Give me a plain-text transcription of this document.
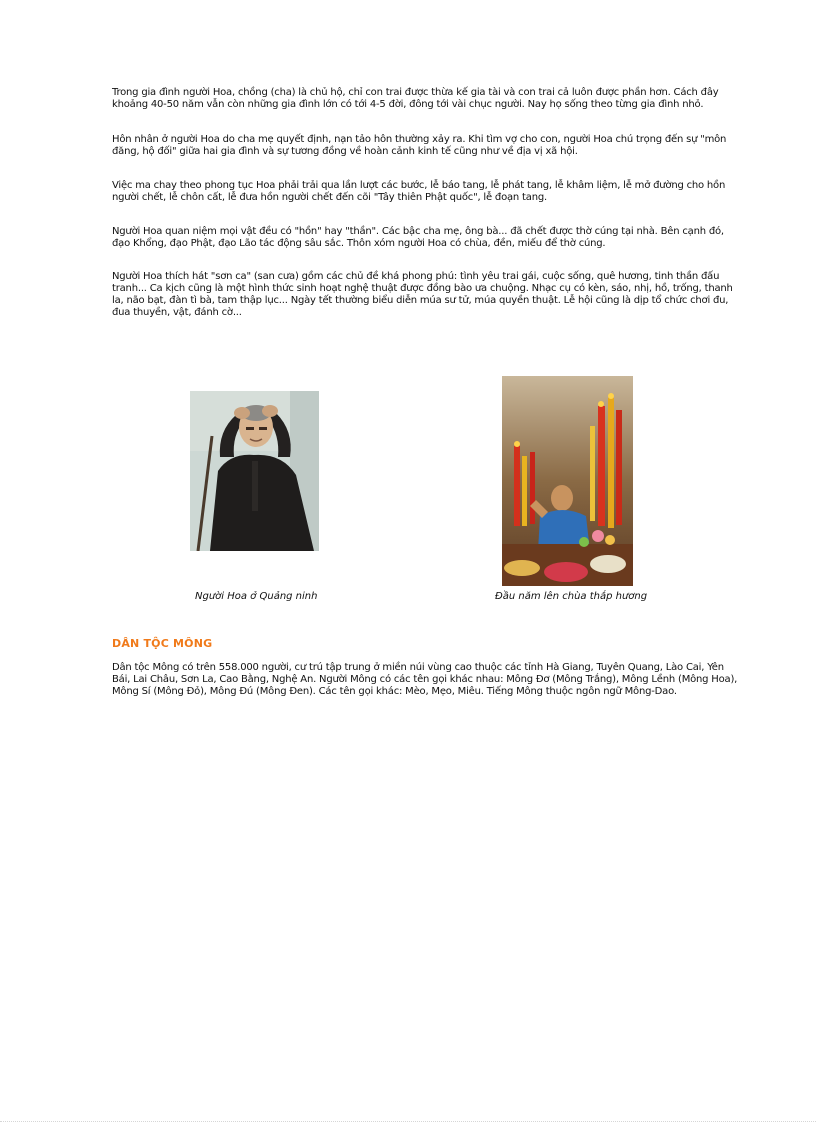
Trong gia đình người Hoa, chồng (cha) là chủ hộ, chỉ con trai được thừa kế gia tài và con trai cả luôn được phần hơn. Cách đây khoảng 40-50 năm vẫn còn những gia đình lớn có tới 4-5 đời, đông tới vài chục người. Nay họ sống theo từng gia đình nhỏ.

Hôn nhân ở người Hoa do cha mẹ quyết định, nạn tảo hôn thường xảy ra. Khi tìm vợ cho con, người Hoa chú trọng đến sự "môn đăng, hộ đối" giữa hai gia đình và sự tương đồng về hoàn cảnh kinh tế cũng như về địa vị xã hội.

Việc ma chay theo phong tục Hoa phải trải qua lần lượt các bước, lễ báo tang, lễ phát tang, lễ khâm liệm, lễ mở đường cho hồn người chết, lễ chôn cất, lễ đưa hồn người chết đến cõi "Tây thiên Phật quốc", lễ đoạn tang.

Người Hoa quan niệm mọi vật đều có "hồn" hay "thần". Các bậc cha mẹ, ông bà... đã chết được thờ cúng tại nhà. Bên cạnh đó, đạo Khổng, đạo Phật, đạo Lão tác động sâu sắc. Thôn xóm người Hoa có chùa, đền, miếu để thờ cúng.

Người Hoa thích hát "sơn ca" (san cưa) gồm các chủ đề khá phong phú: tình yêu trai gái, cuộc sống, quê hương, tinh thần đấu tranh... Ca kịch cũng là một hình thức sinh hoạt nghệ thuật được đồng bào ưa chuộng. Nhạc cụ có kèn, sáo, nhị, hồ, trống, thanh la, não bạt, đàn tì bà, tam thập lục... Ngày tết thường biểu diễn múa sư tử, múa quyền thuật. Lễ hội cũng là dịp tổ chức chơi đu, đua thuyền, vật, đánh cờ...

Người Hoa ở Quảng ninh	Đầu năm lên chùa thắp hương

DÂN TỘC MÔNG

Dân tộc Mông có trên 558.000 người, cư trú tập trung ở miền núi vùng cao thuộc các tỉnh Hà Giang, Tuyên Quang, Lào Cai, Yên Bái, Lai Châu, Sơn La, Cao Bằng, Nghệ An. Người Mông có các tên gọi khác nhau: Mông Đơ (Mông Trắng), Mông Lềnh (Mông Hoa), Mông Sí (Mông Đỏ), Mông Đú (Mông Đen). Các tên gọi khác: Mèo, Mẹo, Miêu. Tiếng Mông thuộc ngôn ngữ Mông-Dao.
